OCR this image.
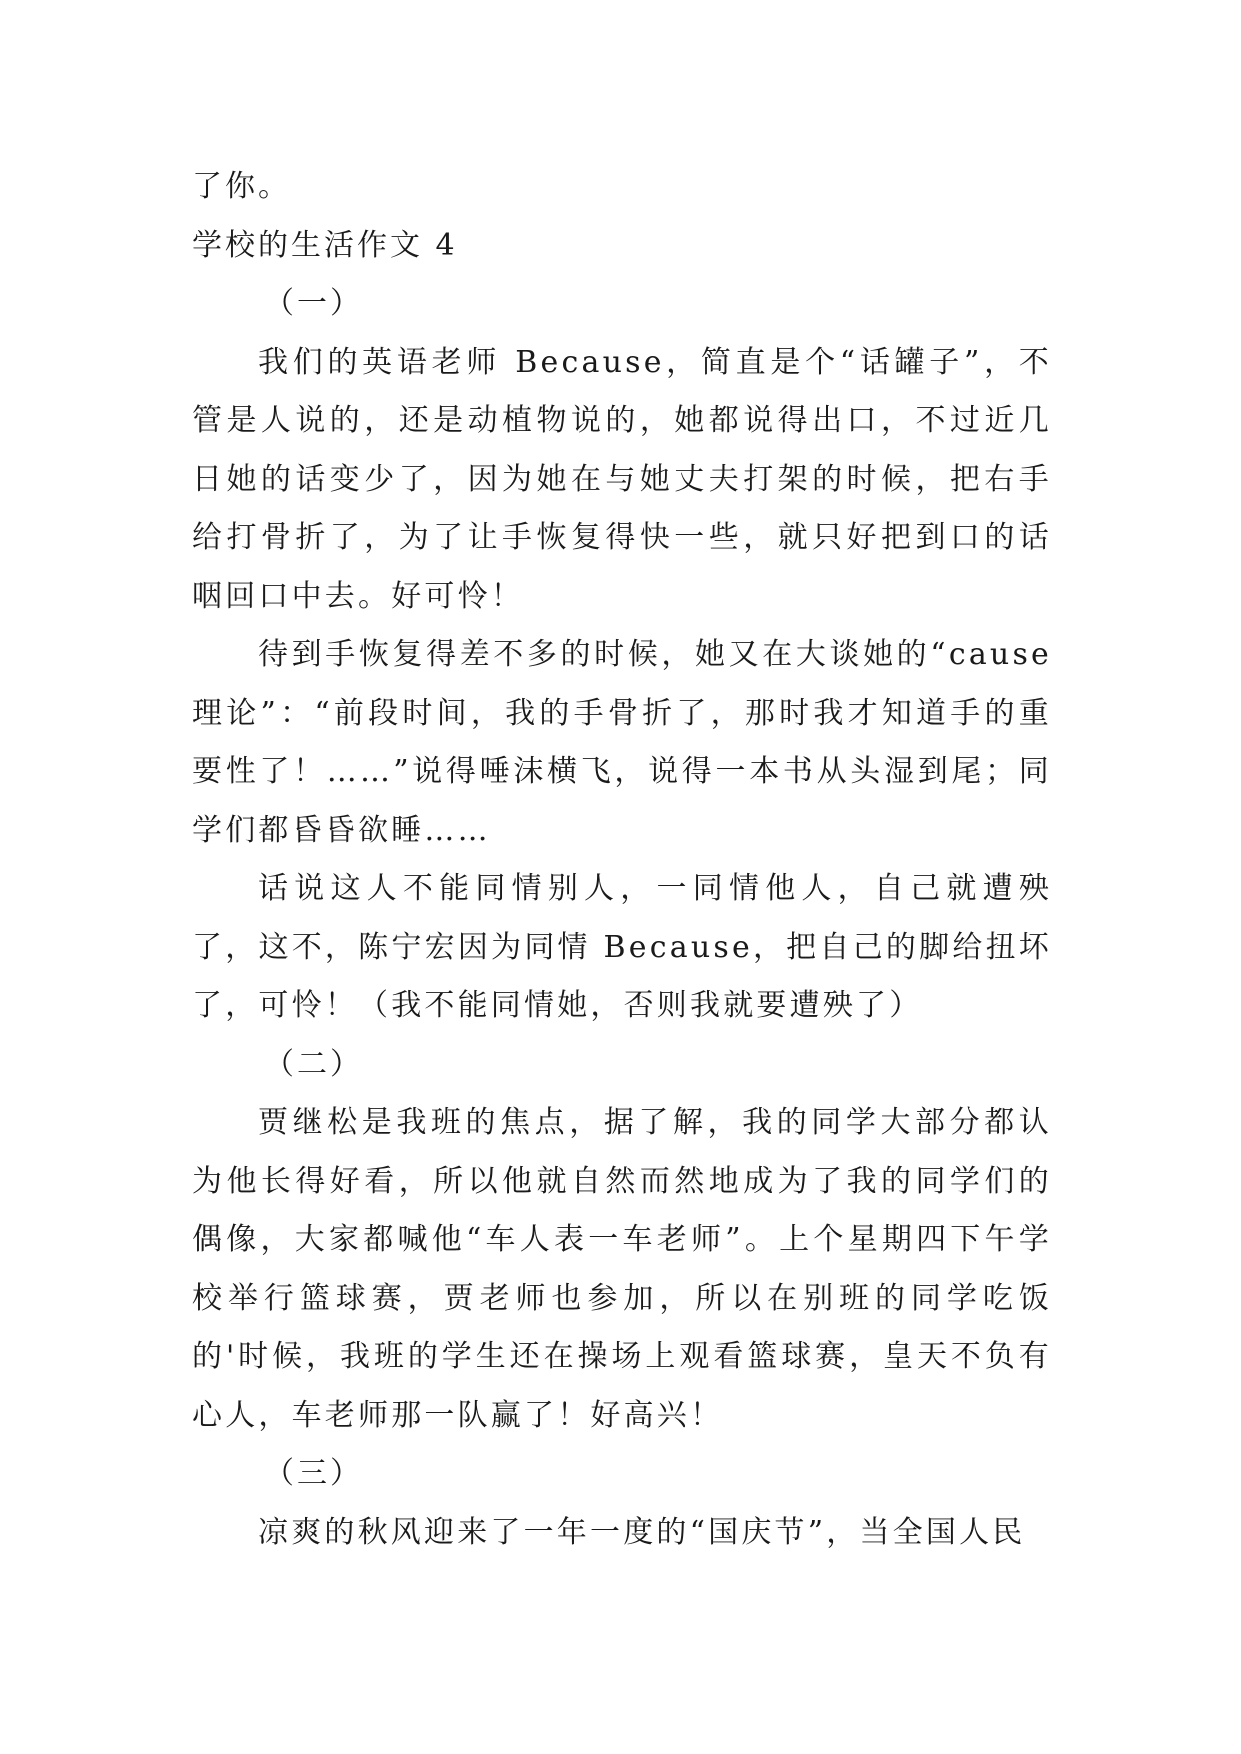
了你。

学校的生活作文 4

（一）

我们的英语老师 Because，简直是个“话罐子”，不管是人说的，还是动植物说的，她都说得出口，不过近几日她的话变少了，因为她在与她丈夫打架的时候，把右手给打骨折了，为了让手恢复得快一些，就只好把到口的话咽回口中去。好可怜！

待到手恢复得差不多的时候，她又在大谈她的“cause 理论”：“前段时间，我的手骨折了，那时我才知道手的重要性了！……”说得唾沫横飞，说得一本书从头湿到尾；同学们都昏昏欲睡……

话说这人不能同情别人，一同情他人，自己就遭殃了，这不，陈宁宏因为同情 Because，把自己的脚给扭坏了，可怜！（我不能同情她，否则我就要遭殃了）

（二）

贾继松是我班的焦点，据了解，我的同学大部分都认为他长得好看，所以他就自然而然地成为了我的同学们的偶像，大家都喊他“车人表一车老师”。上个星期四下午学校举行篮球赛，贾老师也参加，所以在别班的同学吃饭的'时候，我班的学生还在操场上观看篮球赛，皇天不负有心人，车老师那一队赢了！好高兴！

（三）

凉爽的秋风迎来了一年一度的“国庆节”，当全国人民
